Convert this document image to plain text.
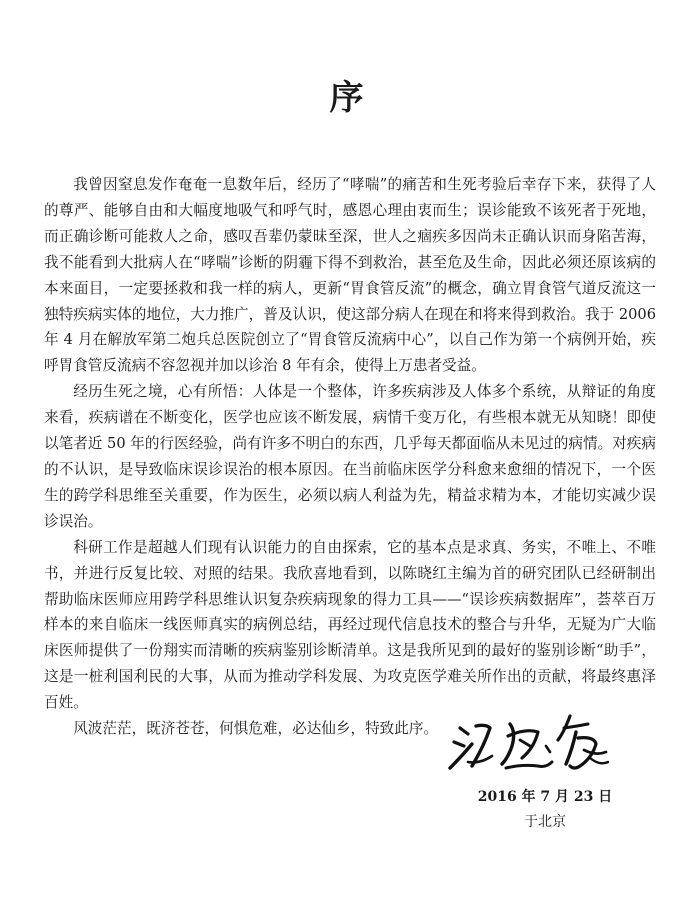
序

我曾因窒息发作奄奄一息数年后，经历了“哮喘”的痛苦和生死考验后幸存下来，获得了人的尊严、能够自由和大幅度地吸气和呼气时，感恩心理由衷而生；误诊能致不该死者于死地，而正确诊断可能救人之命，感叹吾辈仍蒙昧至深，世人之痼疾多因尚未正确认识而身陷苦海，我不能看到大批病人在“哮喘”诊断的阴霾下得不到救治，甚至危及生命，因此必须还原该病的本来面目，一定要拯救和我一样的病人，更新“胃食管反流”的概念，确立胃食管气道反流这一独特疾病实体的地位，大力推广，普及认识，使这部分病人在现在和将来得到救治。我于 2006 年 4 月在解放军第二炮兵总医院创立了“胃食管反流病中心”，以自己作为第一个病例开始，疾呼胃食管反流病不容忽视并加以诊治 8 年有余，使得上万患者受益。

经历生死之境，心有所悟：人体是一个整体，许多疾病涉及人体多个系统，从辩证的角度来看，疾病谱在不断变化，医学也应该不断发展，病情千变万化，有些根本就无从知晓！即使以笔者近 50 年的行医经验，尚有许多不明白的东西，几乎每天都面临从未见过的病情。对疾病的不认识，是导致临床误诊误治的根本原因。在当前临床医学分科愈来愈细的情况下，一个医生的跨学科思维至关重要，作为医生，必须以病人利益为先，精益求精为本，才能切实减少误诊误治。

科研工作是超越人们现有认识能力的自由探索，它的基本点是求真、务实，不唯上、不唯书，并进行反复比较、对照的结果。我欣喜地看到，以陈晓红主编为首的研究团队已经研制出帮助临床医师应用跨学科思维认识复杂疾病现象的得力工具——“误诊疾病数据库”，荟萃百万样本的来自临床一线医师真实的病例总结，再经过现代信息技术的整合与升华，无疑为广大临床医师提供了一份翔实而清晰的疾病鉴别诊断清单。这是我所见到的最好的鉴别诊断“助手”，这是一桩利国利民的大事，从而为推动学科发展、为攻克医学难关所作出的贡献，将最终惠泽百姓。

风波茫茫，既济苍苍，何惧危难，必达仙乡，特致此序。

2016 年 7 月 23 日
于北京
